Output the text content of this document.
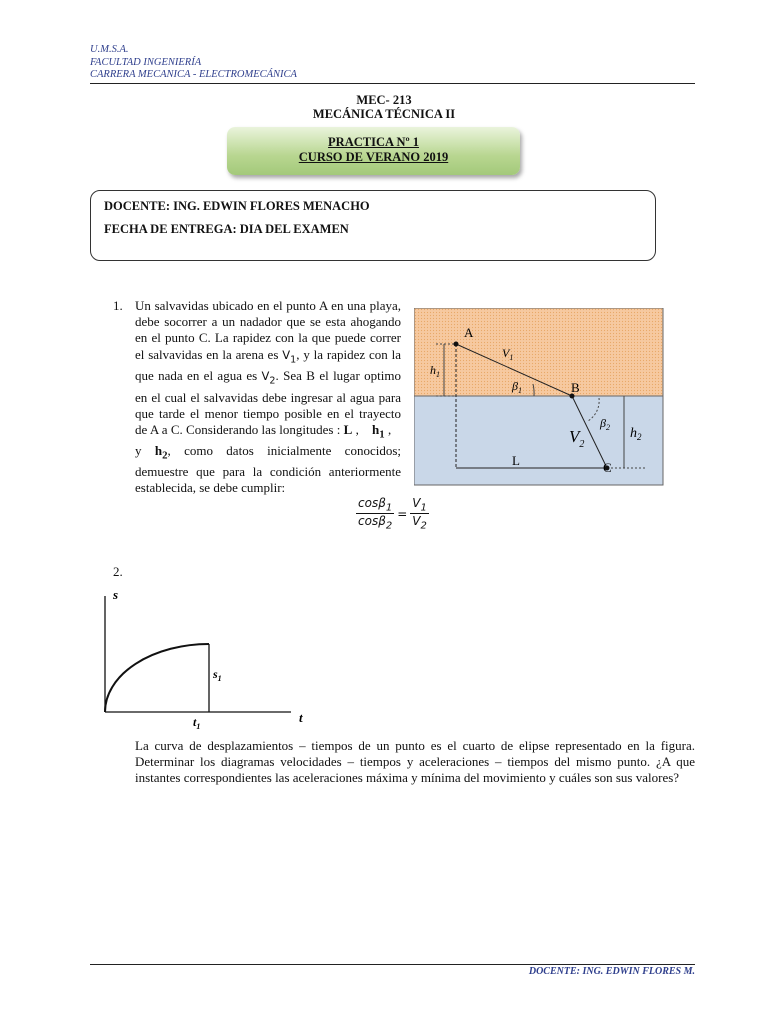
U.M.S.A.
FACULTAD INGENIERÍA
CARRERA MECANICA - ELECTROMECÁNICA
MEC- 213
MECÁNICA TÉCNICA II
PRACTICA Nº 1
CURSO DE VERANO 2019
DOCENTE: ING. EDWIN FLORES MENACHO
FECHA DE ENTREGA: DIA DEL EXAMEN
1. Un salvavidas ubicado en el punto A en una playa, debe socorrer a un nadador que se esta ahogando en el punto C. La rapidez con la que puede correr el salvavidas en la arena es $V_1$, y la rapidez con la que nada en el agua es $V_2$. Sea B el lugar optimo en el cual el salvavidas debe ingresar al agua para que tarde el menor tiempo posible en el trayecto de A a C. Considerando las longitudes : L ,    $h_1$ ,    y $h_2$, como datos inicialmente conocidos; demuestre que para la condición anteriormente establecida, se debe cumplir:
$\frac{\cos\beta_1}{\cos\beta_2} = \frac{V_1}{V_2}$
A
B
C
L
$h_1$
$h_2$
$V_1$
$V_2$
$\beta_1$
$\beta_2$
2.
s
t
$s_1$
$t_1$
La curva de desplazamientos – tiempos de un punto es el cuarto de elipse representado en la figura. Determinar los diagramas velocidades – tiempos y aceleraciones – tiempos del mismo punto. ¿A que instantes correspondientes las aceleraciones máxima y mínima del movimiento y cuáles son sus valores?
DOCENTE: ING. EDWIN FLORES M.
